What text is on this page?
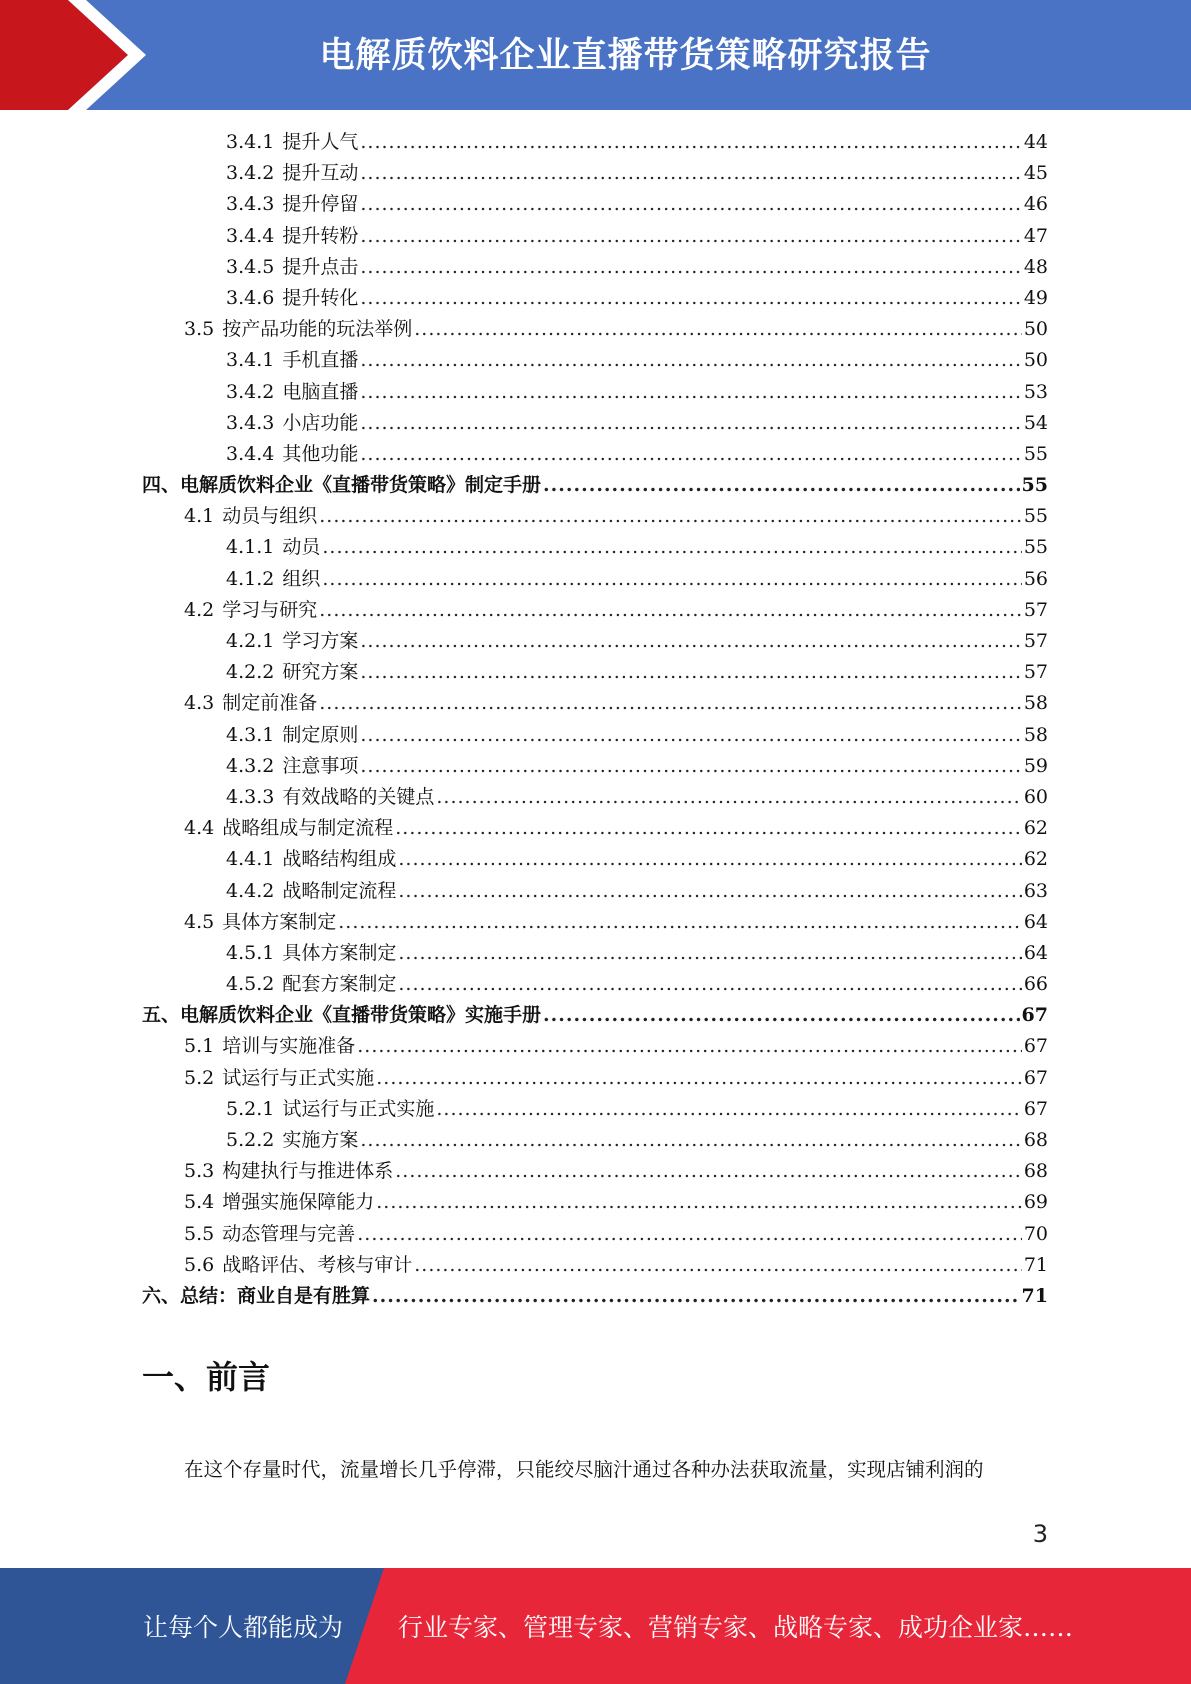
电解质饮料企业直播带货策略研究报告
3.4.1 提升人气 .....	44
3.4.2 提升互动 .....	45
3.4.3 提升停留 .....	46
3.4.4 提升转粉 .....	47
3.4.5 提升点击 .....	48
3.4.6 提升转化 .....	49
3.5 按产品功能的玩法举例 .....	50
3.4.1 手机直播 .....	50
3.4.2 电脑直播 .....	53
3.4.3 小店功能 .....	54
3.4.4 其他功能 .....	55
四、电解质饮料企业《直播带货策略》制定手册 .....	55
4.1 动员与组织 .....	55
4.1.1 动员 .....	55
4.1.2 组织 .....	56
4.2 学习与研究 .....	57
4.2.1 学习方案 .....	57
4.2.2 研究方案 .....	57
4.3 制定前准备 .....	58
4.3.1 制定原则 .....	58
4.3.2 注意事项 .....	59
4.3.3 有效战略的关键点 .....	60
4.4 战略组成与制定流程 .....	62
4.4.1 战略结构组成 .....	62
4.4.2 战略制定流程 .....	63
4.5 具体方案制定 .....	64
4.5.1 具体方案制定 .....	64
4.5.2 配套方案制定 .....	66
五、电解质饮料企业《直播带货策略》实施手册 .....	67
5.1 培训与实施准备 .....	67
5.2 试运行与正式实施 .....	67
5.2.1 试运行与正式实施 .....	67
5.2.2 实施方案 .....	68
5.3 构建执行与推进体系 .....	68
5.4 增强实施保障能力 .....	69
5.5 动态管理与完善 .....	70
5.6 战略评估、考核与审计 .....	71
六、总结：商业自是有胜算 .....	71
一、前言
在这个存量时代，流量增长几乎停滞，只能绞尽脑汁通过各种办法获取流量，实现店铺利润的
3
让每个人都能成为 行业专家、管理专家、营销专家、战略专家、成功企业家……
